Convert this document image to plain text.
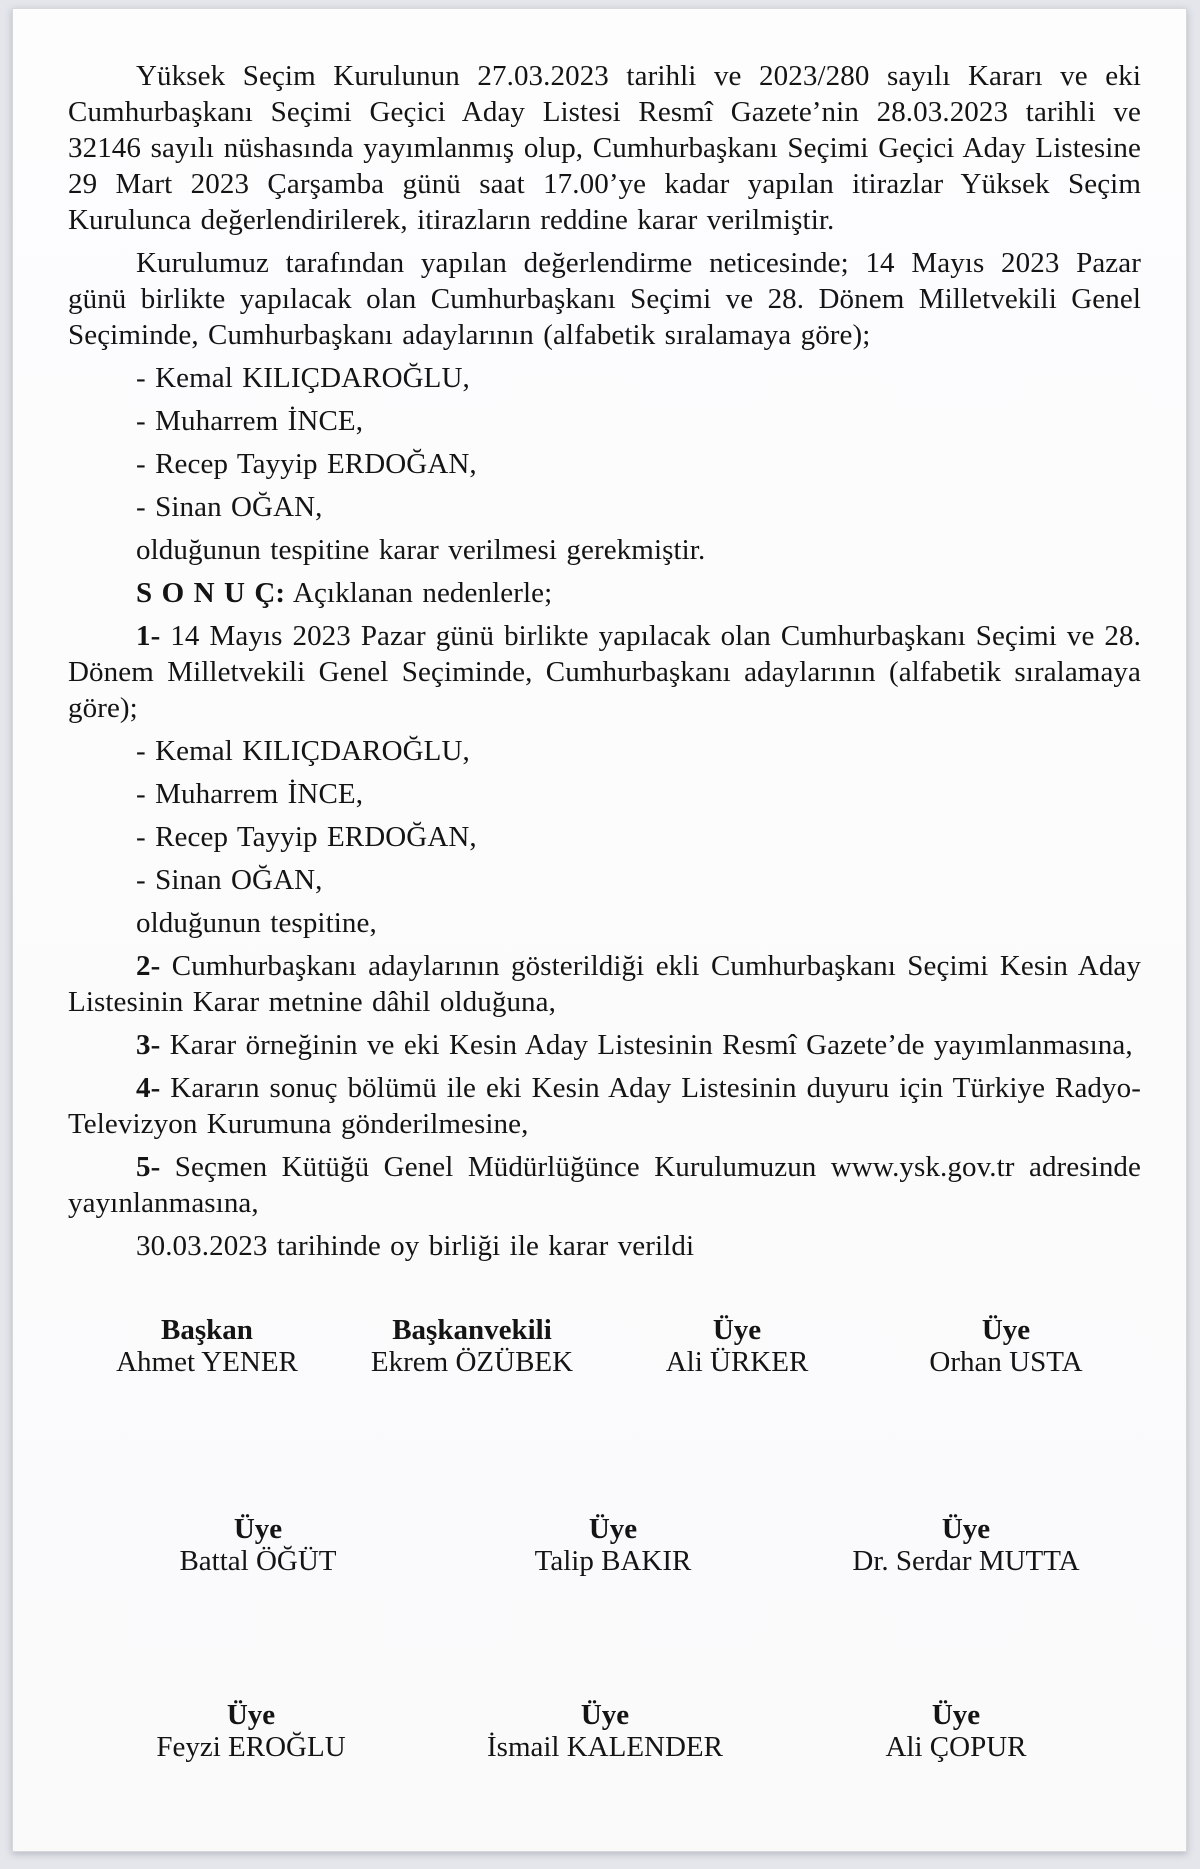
Yüksek Seçim Kurulunun 27.03.2023 tarihli ve 2023/280 sayılı Kararı ve eki Cumhurbaşkanı Seçimi Geçici Aday Listesi Resmî Gazete’nin 28.03.2023 tarihli ve 32146 sayılı nüshasında yayımlanmış olup, Cumhurbaşkanı Seçimi Geçici Aday Listesine 29 Mart 2023 Çarşamba günü saat 17.00’ye kadar yapılan itirazlar Yüksek Seçim Kurulunca değerlendirilerek, itirazların reddine karar verilmiştir.

Kurulumuz tarafından yapılan değerlendirme neticesinde; 14 Mayıs 2023 Pazar günü birlikte yapılacak olan Cumhurbaşkanı Seçimi ve 28. Dönem Milletvekili Genel Seçiminde, Cumhurbaşkanı adaylarının (alfabetik sıralamaya göre);

- Kemal KILIÇDAROĞLU,

- Muharrem İNCE,

- Recep Tayyip ERDOĞAN,

- Sinan OĞAN,

olduğunun tespitine karar verilmesi gerekmiştir.

S O N U Ç: Açıklanan nedenlerle;

1- 14 Mayıs 2023 Pazar günü birlikte yapılacak olan Cumhurbaşkanı Seçimi ve 28. Dönem Milletvekili Genel Seçiminde, Cumhurbaşkanı adaylarının (alfabetik sıralamaya göre);

- Kemal KILIÇDAROĞLU,

- Muharrem İNCE,

- Recep Tayyip ERDOĞAN,

- Sinan OĞAN,

olduğunun tespitine,

2- Cumhurbaşkanı adaylarının gösterildiği ekli Cumhurbaşkanı Seçimi Kesin Aday Listesinin Karar metnine dâhil olduğuna,

3- Karar örneğinin ve eki Kesin Aday Listesinin Resmî Gazete’de yayımlanmasına,

4- Kararın sonuç bölümü ile eki Kesin Aday Listesinin duyuru için Türkiye Radyo-Televizyon Kurumuna gönderilmesine,

5- Seçmen Kütüğü Genel Müdürlüğünce Kurulumuzun www.ysk.gov.tr adresinde yayınlanmasına,

30.03.2023 tarihinde oy birliği ile karar verildi

Başkan
Ahmet YENER
Başkanvekili
Ekrem ÖZÜBEK
Üye
Ali ÜRKER
Üye
Orhan USTA
Üye
Battal ÖĞÜT
Üye
Talip BAKIR
Üye
Dr. Serdar MUTTA
Üye
Feyzi EROĞLU
Üye
İsmail KALENDER
Üye
Ali ÇOPUR
